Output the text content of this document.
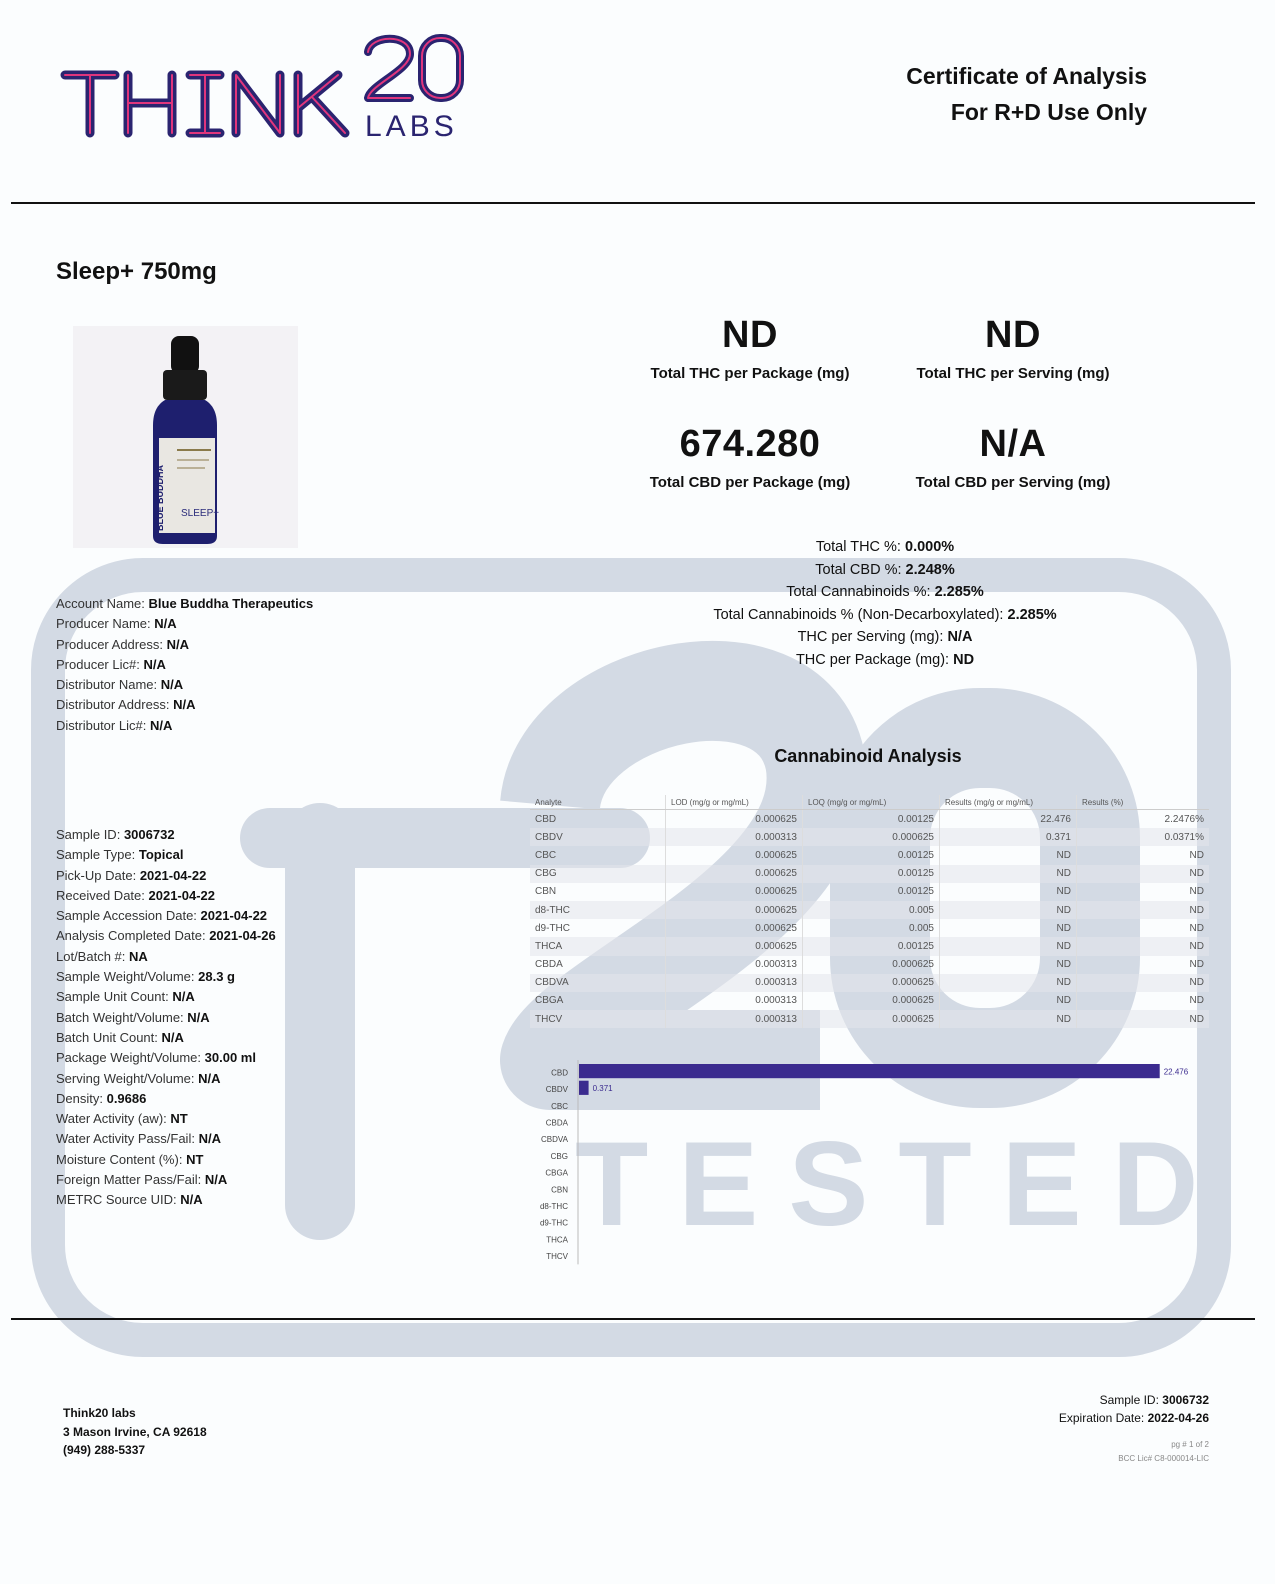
TESTED
LABS
Certificate of Analysis
For R+D Use Only
Sleep+ 750mg
BLUE BUDDHA SLEEP+
ND
Total THC per Package (mg)
ND
Total THC per Serving (mg)
674.280
Total CBD per Package (mg)
N/A
Total CBD per Serving (mg)
Total THC %: 0.000%
Total CBD %: 2.248%
Total Cannabinoids %: 2.285%
Total Cannabinoids % (Non-Decarboxylated): 2.285%
THC per Serving (mg): N/A
THC per Package (mg): ND
Account Name: Blue Buddha Therapeutics
Producer Name: N/A
Producer Address: N/A
Producer Lic#: N/A
Distributor Name: N/A
Distributor Address: N/A
Distributor Lic#: N/A
Sample ID: 3006732
Sample Type: Topical
Pick-Up Date: 2021-04-22
Received Date: 2021-04-22
Sample Accession Date: 2021-04-22
Analysis Completed Date: 2021-04-26
Lot/Batch #: NA
Sample Weight/Volume: 28.3 g
Sample Unit Count: N/A
Batch Weight/Volume: N/A
Batch Unit Count: N/A
Package Weight/Volume: 30.00 ml
Serving Weight/Volume: N/A
Density: 0.9686
Water Activity (aw): NT
Water Activity Pass/Fail: N/A
Moisture Content (%): NT
Foreign Matter Pass/Fail: N/A
METRC Source UID: N/A
Cannabinoid Analysis
Analyte	LOD (mg/g or mg/mL)	LOQ (mg/g or mg/mL)	Results (mg/g or mg/mL)	Results (%)
CBD	0.000625	0.00125	22.476	2.2476%
CBDV	0.000313	0.000625	0.371	0.0371%
CBC	0.000625	0.00125	ND	ND
CBG	0.000625	0.00125	ND	ND
CBN	0.000625	0.00125	ND	ND
d8-THC	0.000625	0.005	ND	ND
d9-THC	0.000625	0.005	ND	ND
THCA	0.000625	0.00125	ND	ND
CBDA	0.000313	0.000625	ND	ND
CBDVA	0.000313	0.000625	ND	ND
CBGA	0.000313	0.000625	ND	ND
THCV	0.000313	0.000625	ND	ND
CBD	22.476
CBDV	0.371
CBC
CBDA
CBDVA
CBG
CBGA
CBN
d8-THC
d9-THC
THCA
THCV
Think20 labs
3 Mason Irvine, CA 92618
(949) 288-5337
Sample ID: 3006732
Expiration Date: 2022-04-26
pg # 1 of 2
BCC Lic# C8-000014-LIC
